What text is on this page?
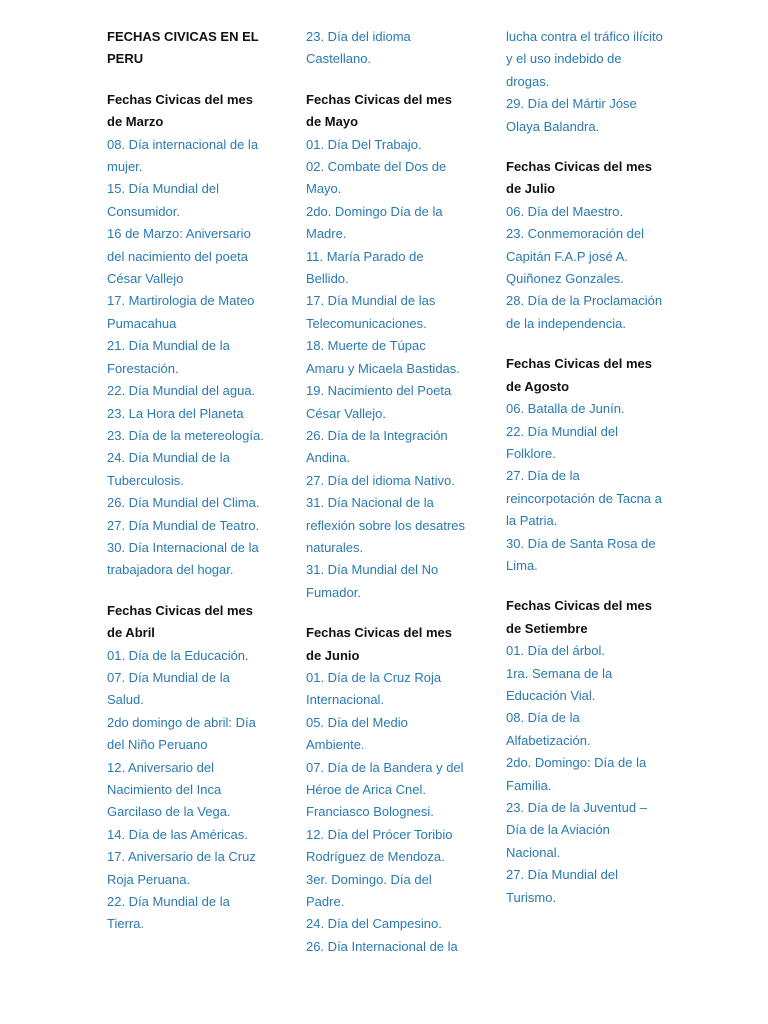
FECHAS CIVICAS EN EL PERU
Fechas Civicas del mes de Marzo
08. Día internacional de la mujer.
15. Día Mundial del Consumidor.
16 de Marzo: Aniversario del nacimiento del poeta César Vallejo
17. Martirologia de Mateo Pumacahua
21. Día Mundial de la Forestación.
22. Día Mundial del agua.
23. La Hora del Planeta
23. Día de la metereología.
24. Día Mundial de la Tuberculosis.
26. Día Mundial del Clima.
27. Día Mundial de Teatro.
30. Día Internacional de la trabajadora del hogar.
Fechas Civicas del mes de Abril
01. Día de la Educación.
07. Día Mundial de la Salud.
2do domingo de abril: Día del Niño Peruano
12. Aniversario del Nacimiento del Inca Garcilaso de la Vega.
14. Día de las Américas.
17. Aniversario de la Cruz Roja Peruana.
22. Día Mundial de la Tierra.
23. Día del idioma Castellano.
Fechas Civicas del mes de Mayo
01. Día Del Trabajo.
02. Combate del Dos de Mayo.
2do. Domingo Día de la Madre.
11. María Parado de Bellido.
17. Día Mundial de las Telecomunicaciones.
18. Muerte de Túpac Amaru y Micaela Bastidas.
19. Nacimiento del Poeta César Vallejo.
26. Día de la Integración Andina.
27. Día del idioma Nativo.
31. Día Nacional de la reflexión sobre los desatres naturales.
31. Día Mundial del No Fumador.
Fechas Civicas del mes de Junio
01. Día de la Cruz Roja Internacional.
05. Día del Medio Ambiente.
07. Día de la Bandera y del Héroe de Arica Cnel. Franciasco Bolognesi.
12. Día del Prócer Toribio Rodríguez de Mendoza.
3er. Domingo. Día del Padre.
24. Día del Campesino.
26. Día Internacional de la
lucha contra el tráfico ilícito y el uso indebido de drogas.
29. Día del Mártir Jóse Olaya Balandra.
Fechas Civicas del mes de Julio
06. Día del Maestro.
23. Conmemoración del Capitán F.A.P josé A. Quiñonez Gonzales.
28. Día de la Proclamación de la independencia.
Fechas Civicas del mes de Agosto
06. Batalla de Junín.
22. Día Mundial del Folklore.
27. Día de la reincorpotación de Tacna a la Patria.
30. Día de Santa Rosa de Lima.
Fechas Civicas del mes de Setiembre
01. Día del árbol.
1ra. Semana de la Educación Vial.
08. Día de la Alfabetización.
2do. Domingo: Día de la Familia.
23. Día de la Juventud – Día de la Aviación Nacional.
27. Día Mundial del Turismo.
